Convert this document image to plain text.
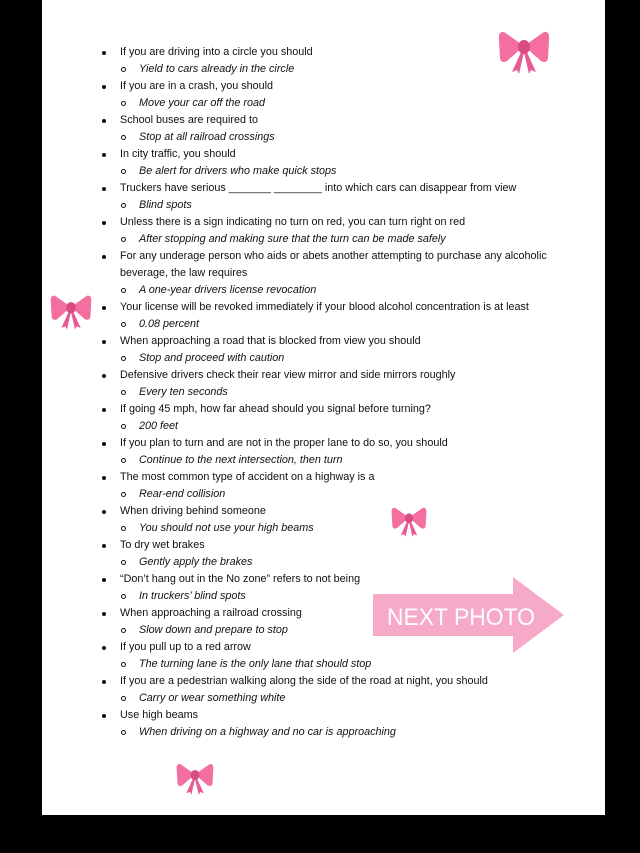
If you are driving into a circle you should
Yield to cars already in the circle
If you are in a crash, you should
Move your car off the road
School buses are required to
Stop at all railroad crossings
In city traffic, you should
Be alert for drivers who make quick stops
Truckers have serious _______ ________ into which cars can disappear from view
Blind spots
Unless there is a sign indicating no turn on red, you can turn right on red
After stopping and making sure that the turn can be made safely
For any underage person who aids or abets another attempting to purchase any alcoholic beverage, the law requires
A one-year drivers license revocation
Your license will be revoked immediately if your blood alcohol concentration is at least
0.08 percent
When approaching a road that is blocked from view you should
Stop and proceed with caution
Defensive drivers check their rear view mirror and side mirrors roughly
Every ten seconds
If going 45 mph, how far ahead should you signal before turning?
200 feet
If you plan to turn and are not in the proper lane to do so, you should
Continue to the next intersection, then turn
The most common type of accident on a highway is a
Rear-end collision
When driving behind someone
You should not use your high beams
To dry wet brakes
Gently apply the brakes
“Don’t hang out in the No zone” refers to not being
In truckers’ blind spots
When approaching a railroad crossing
Slow down and prepare to stop
If you pull up to a red arrow
The turning lane is the only lane that should stop
If you are a pedestrian walking along the side of the road at night, you should
Carry or wear something white
Use high beams
When driving on a highway and no car is approaching
NEXT PHOTO
